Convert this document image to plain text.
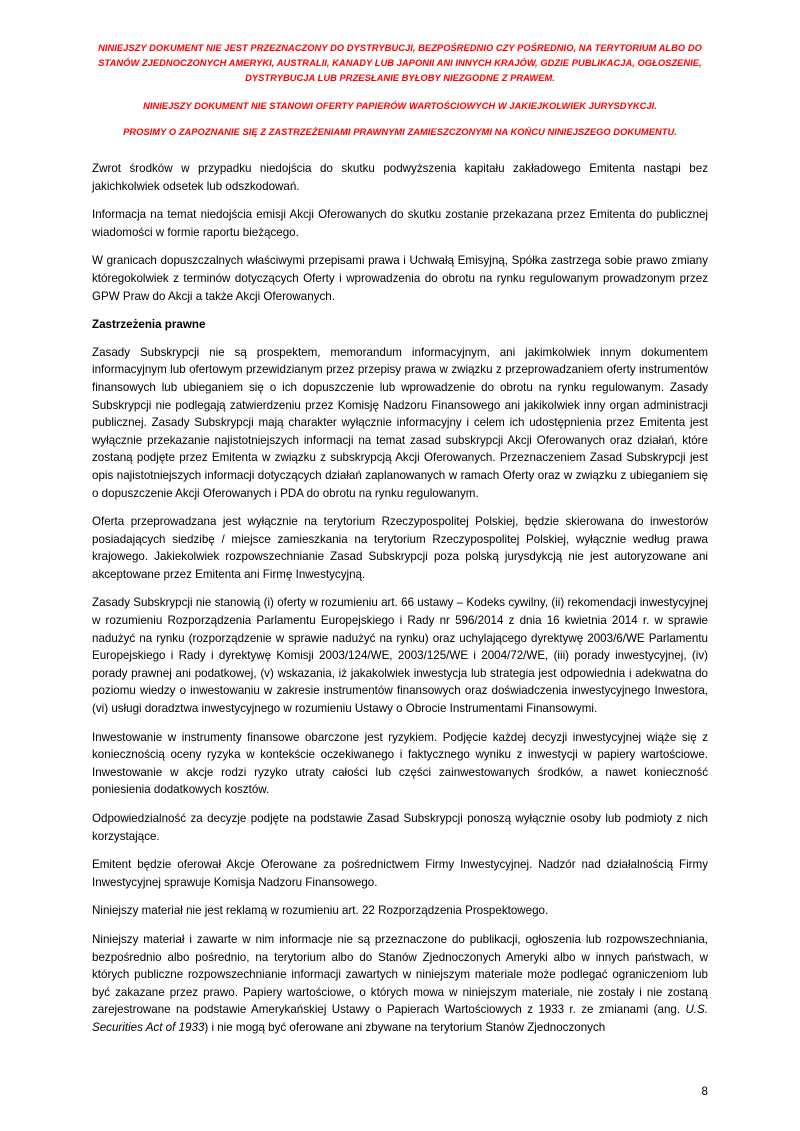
NINIEJSZY DOKUMENT NIE JEST PRZEZNACZONY DO DYSTRYBUCJI, BEZPOŚREDNIO CZY POŚREDNIO, NA TERYTORIUM ALBO DO STANÓW ZJEDNOCZONYCH AMERYKI, AUSTRALII, KANADY LUB JAPONII ANI INNYCH KRAJÓW, GDZIE PUBLIKACJA, OGŁOSZENIE, DYSTRYBUCJA LUB PRZESŁANIE BYŁOBY NIEZGODNE Z PRAWEM.
NINIEJSZY DOKUMENT NIE STANOWI OFERTY PAPIERÓW WARTOŚCIOWYCH W JAKIEJKOLWIEK JURYSDYKCJI.
PROSIMY O ZAPOZNANIE SIĘ Z ZASTRZEŻENIAMI PRAWNYMI ZAMIESZCZONYMI NA KOŃCU NINIEJSZEGO DOKUMENTU.

Zwrot środków w przypadku niedojścia do skutku podwyższenia kapitału zakładowego Emitenta nastąpi bez jakichkolwiek odsetek lub odszkodowań.

Informacja na temat niedojścia emisji Akcji Oferowanych do skutku zostanie przekazana przez Emitenta do publicznej wiadomości w formie raportu bieżącego.

W granicach dopuszczalnych właściwymi przepisami prawa i Uchwałą Emisyjną, Spółka zastrzega sobie prawo zmiany któregokolwiek z terminów dotyczących Oferty i wprowadzenia do obrotu na rynku regulowanym prowadzonym przez GPW Praw do Akcji a także Akcji Oferowanych.

Zastrzeżenia prawne

Zasady Subskrypcji nie są prospektem, memorandum informacyjnym, ani jakimkolwiek innym dokumentem informacyjnym lub ofertowym przewidzianym przez przepisy prawa w związku z przeprowadzaniem oferty instrumentów finansowych lub ubieganiem się o ich dopuszczenie lub wprowadzenie do obrotu na rynku regulowanym. Zasady Subskrypcji nie podlegają zatwierdzeniu przez Komisję Nadzoru Finansowego ani jakikolwiek inny organ administracji publicznej. Zasady Subskrypcji mają charakter wyłącznie informacyjny i celem ich udostępnienia przez Emitenta jest wyłącznie przekazanie najistotniejszych informacji na temat zasad subskrypcji Akcji Oferowanych oraz działań, które zostaną podjęte przez Emitenta w związku z subskrypcją Akcji Oferowanych. Przeznaczeniem Zasad Subskrypcji jest opis najistotniejszych informacji dotyczących działań zaplanowanych w ramach Oferty oraz w związku z ubieganiem się o dopuszczenie Akcji Oferowanych i PDA do obrotu na rynku regulowanym.

Oferta przeprowadzana jest wyłącznie na terytorium Rzeczypospolitej Polskiej, będzie skierowana do inwestorów posiadających siedzibę / miejsce zamieszkania na terytorium Rzeczypospolitej Polskiej, wyłącznie według prawa krajowego. Jakiekolwiek rozpowszechnianie Zasad Subskrypcji poza polską jurysdykcją nie jest autoryzowane ani akceptowane przez Emitenta ani Firmę Inwestycyjną.

Zasady Subskrypcji nie stanowią (i) oferty w rozumieniu art. 66 ustawy – Kodeks cywilny, (ii) rekomendacji inwestycyjnej w rozumieniu Rozporządzenia Parlamentu Europejskiego i Rady nr 596/2014 z dnia 16 kwietnia 2014 r. w sprawie nadużyć na rynku (rozporządzenie w sprawie nadużyć na rynku) oraz uchylającego dyrektywę 2003/6/WE Parlamentu Europejskiego i Rady i dyrektywę Komisji 2003/124/WE, 2003/125/WE i 2004/72/WE, (iii) porady inwestycyjnej, (iv) porady prawnej ani podatkowej, (v) wskazania, iż jakakolwiek inwestycja lub strategia jest odpowiednia i adekwatna do poziomu wiedzy o inwestowaniu w zakresie instrumentów finansowych oraz doświadczenia inwestycyjnego Inwestora, (vi) usługi doradztwa inwestycyjnego w rozumieniu Ustawy o Obrocie Instrumentami Finansowymi.

Inwestowanie w instrumenty finansowe obarczone jest ryzykiem. Podjęcie każdej decyzji inwestycyjnej wiąże się z koniecznością oceny ryzyka w kontekście oczekiwanego i faktycznego wyniku z inwestycji w papiery wartościowe. Inwestowanie w akcje rodzi ryzyko utraty całości lub części zainwestowanych środków, a nawet konieczność poniesienia dodatkowych kosztów.

Odpowiedzialność za decyzje podjęte na podstawie Zasad Subskrypcji ponoszą wyłącznie osoby lub podmioty z nich korzystające.

Emitent będzie oferował Akcje Oferowane za pośrednictwem Firmy Inwestycyjnej. Nadzór nad działalnością Firmy Inwestycyjnej sprawuje Komisja Nadzoru Finansowego.

Niniejszy materiał nie jest reklamą w rozumieniu art. 22 Rozporządzenia Prospektowego.

Niniejszy materiał i zawarte w nim informacje nie są przeznaczone do publikacji, ogłoszenia lub rozpowszechniania, bezpośrednio albo pośrednio, na terytorium albo do Stanów Zjednoczonych Ameryki albo w innych państwach, w których publiczne rozpowszechnianie informacji zawartych w niniejszym materiale może podlegać ograniczeniom lub być zakazane przez prawo. Papiery wartościowe, o których mowa w niniejszym materiale, nie zostały i nie zostaną zarejestrowane na podstawie Amerykańskiej Ustawy o Papierach Wartościowych z 1933 r. ze zmianami (ang. U.S. Securities Act of 1933) i nie mogą być oferowane ani zbywane na terytorium Stanów Zjednoczonych

8
